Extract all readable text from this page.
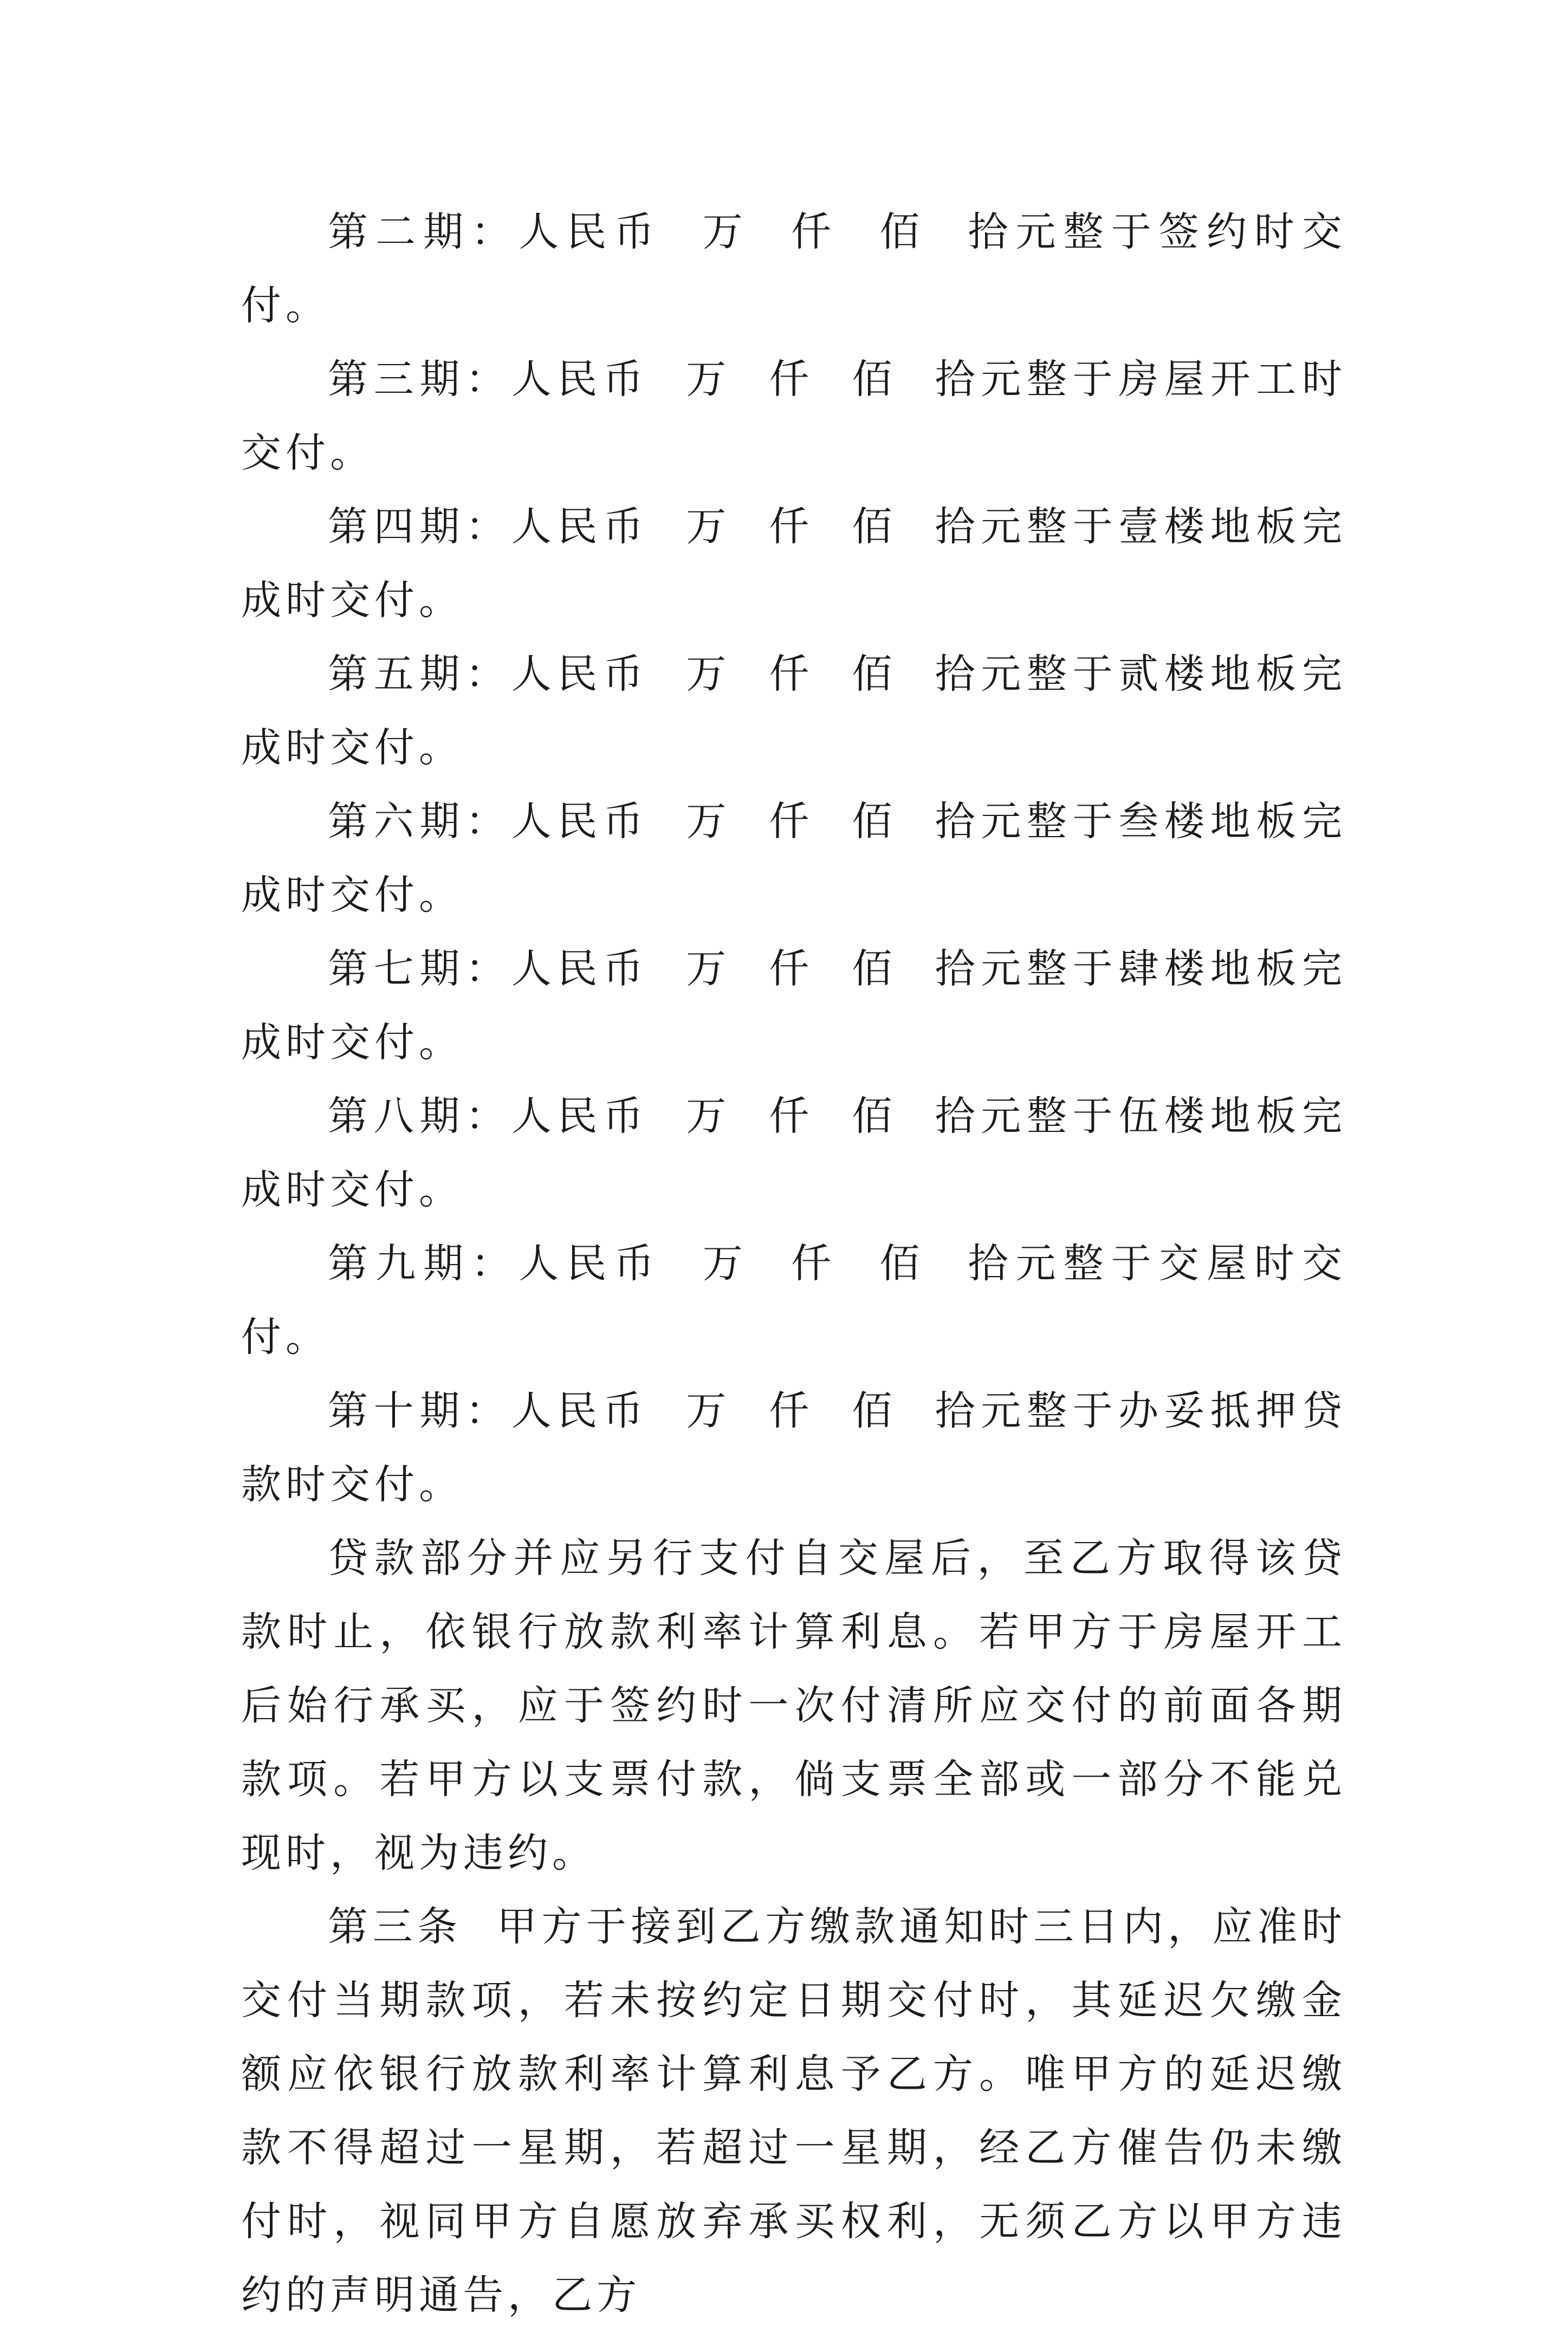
第二期：人民币  万  仟  佰  拾元整于签约时交付。

第三期：人民币  万  仟  佰  拾元整于房屋开工时交付。

第四期：人民币  万  仟  佰  拾元整于壹楼地板完成时交付。

第五期：人民币  万  仟  佰  拾元整于贰楼地板完成时交付。

第六期：人民币  万  仟  佰  拾元整于叁楼地板完成时交付。

第七期：人民币  万  仟  佰  拾元整于肆楼地板完成时交付。

第八期：人民币  万  仟  佰  拾元整于伍楼地板完成时交付。

第九期：人民币  万  仟  佰  拾元整于交屋时交付。

第十期：人民币  万  仟  佰  拾元整于办妥抵押贷款时交付。

贷款部分并应另行支付自交屋后，至乙方取得该贷款时止，依银行放款利率计算利息。若甲方于房屋开工后始行承买，应于签约时一次付清所应交付的前面各期款项。若甲方以支票付款，倘支票全部或一部分不能兑现时，视为违约。

第三条  甲方于接到乙方缴款通知时三日内，应准时交付当期款项，若未按约定日期交付时，其延迟欠缴金额应依银行放款利率计算利息予乙方。唯甲方的延迟缴款不得超过一星期，若超过一星期，经乙方催告仍未缴付时，视同甲方自愿放弃承买权利，无须乙方以甲方违约的声明通告，乙方
